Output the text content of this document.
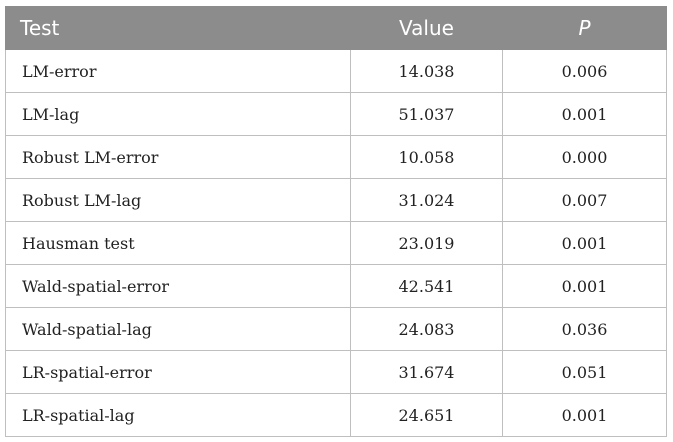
Test	Value	P
LM-error	14.038	0.006
LM-lag	51.037	0.001
Robust LM-error	10.058	0.000
Robust LM-lag	31.024	0.007
Hausman test	23.019	0.001
Wald-spatial-error	42.541	0.001
Wald-spatial-lag	24.083	0.036
LR-spatial-error	31.674	0.051
LR-spatial-lag	24.651	0.001
